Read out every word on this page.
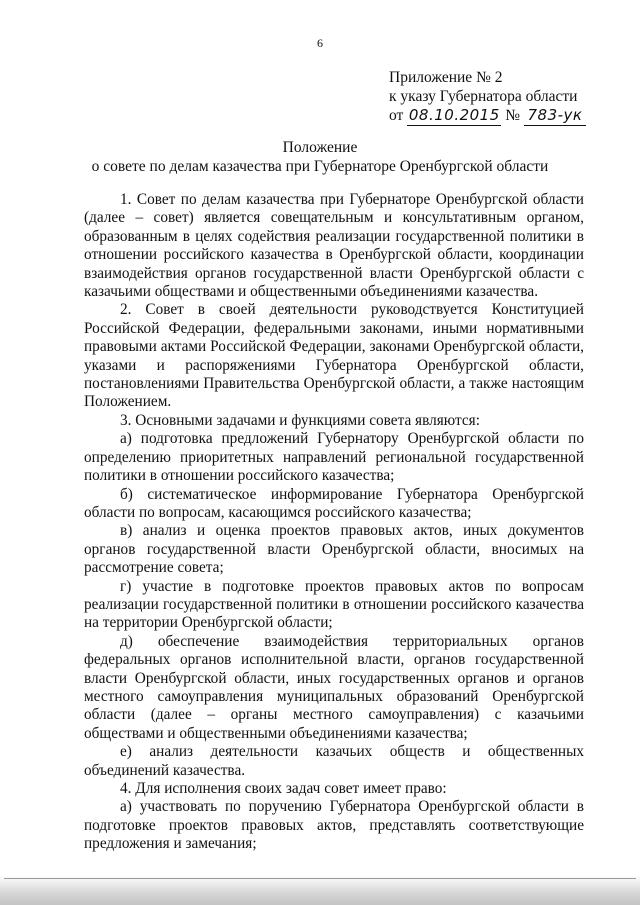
6
Приложение № 2
к указу Губернатора области
от 08.10.2015 № 783-ук
Положение
о совете по делам казачества при Губернаторе Оренбургской области

1. Совет по делам казачества при Губернаторе Оренбургской области (далее – совет) является совещательным и консультативным органом, образованным в целях содействия реализации государственной политики в отношении российского казачества в Оренбургской области, координации взаимодействия органов государственной власти Оренбургской области с казачьими обществами и общественными объединениями казачества.

2. Совет в своей деятельности руководствуется Конституцией Российской Федерации, федеральными законами, иными нормативными правовыми актами Российской Федерации, законами Оренбургской области, указами и распоряжениями Губернатора Оренбургской области, постановлениями Правительства Оренбургской области, а также настоящим Положением.

3. Основными задачами и функциями совета являются:

а) подготовка предложений Губернатору Оренбургской области по определению приоритетных направлений региональной государственной политики в отношении российского казачества;

б) систематическое информирование Губернатора Оренбургской области по вопросам, касающимся российского казачества;

в) анализ и оценка проектов правовых актов, иных документов органов государственной власти Оренбургской области, вносимых на рассмотрение совета;

г) участие в подготовке проектов правовых актов по вопросам реализации государственной политики в отношении российского казачества на территории Оренбургской области;

д) обеспечение взаимодействия территориальных органов федеральных органов исполнительной власти, органов государственной власти Оренбургской области, иных государственных органов и органов местного самоуправления муниципальных образований Оренбургской области (далее – органы местного самоуправления) с казачьими обществами и общественными объединениями казачества;

е) анализ деятельности казачьих обществ и общественных объединений казачества.

4. Для исполнения своих задач совет имеет право:

а) участвовать по поручению Губернатора Оренбургской области в подготовке проектов правовых актов, представлять соответствующие предложения и замечания;
